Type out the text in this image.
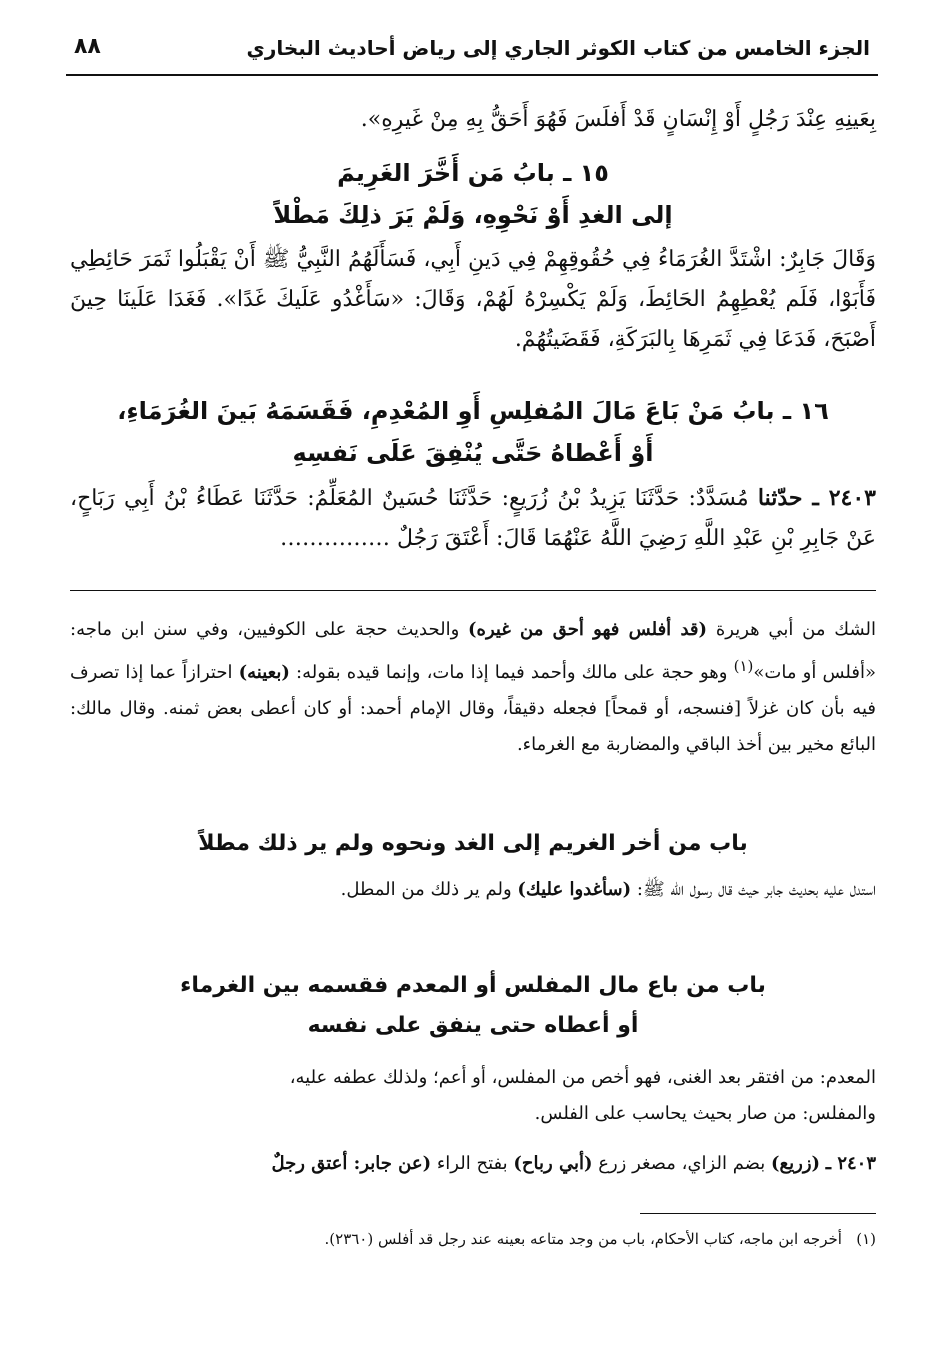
الجزء الخامس من كتاب الكوثر الجاري إلى رياض أحاديث البخاري
٨٨

بِعَينِهِ عِنْدَ رَجُلٍ أَوْ إِنْسَانٍ قَدْ أَفلَسَ فَهُوَ أَحَقُّ بِهِ مِنْ غَيرِهِ».

١٥ ـ بابُ مَن أَخَّرَ الغَرِيمَ
إلى الغدِ أَوْ نَحْوِهِ، وَلَمْ يَرَ ذلِكَ مَطْلاً

وَقَالَ جَابِرٌ: اشْتَدَّ الغُرَمَاءُ فِي حُقُوقِهِمْ فِي دَينِ أَبِي، فَسَأَلَهُمُ النَّبِيُّ ﷺ أَنْ يَقْبَلُوا ثَمَرَ حَائِطِي فَأَبَوْا، فَلَم يُعْطِهِمُ الحَائِطَ، وَلَمْ يَكْسِرْهُ لَهُمْ، وَقَالَ: «سَأَغْدُو عَلَيكَ غَدًا». فَغَدَا عَلَينَا حِينَ أَصْبَحَ، فَدَعَا فِي ثَمَرِهَا بِالبَرَكَةِ، فَقَضَيتُهُمْ.

١٦ ـ بابُ مَنْ بَاعَ مَالَ المُفلِسِ أَوِ المُعْدِمِ، فَقَسَمَهُ بَينَ الغُرَمَاءِ،
أَوْ أَعْطاهُ حَتَّى يُنْفِقَ عَلَى نَفسِهِ

٢٤٠٣ ـ حدّثنا مُسَدَّدٌ: حَدَّثَنَا يَزِيدُ بْنُ زُرَيعٍ: حَدَّثَنَا حُسَينٌ المُعَلِّمُ: حَدَّثَنَا عَطَاءُ بْنُ أَبِي رَبَاحٍ، عَنْ جَابِرِ بْنِ عَبْدِ اللَّهِ رَضِيَ اللَّهُ عَنْهُمَا قَالَ: أَعْتَقَ رَجُلٌ ……………

الشك من أبي هريرة (قد أفلس فهو أحق من غيره) والحديث حجة على الكوفيين، وفي سنن ابن ماجه: «أفلس أو مات»$^{(١)}$ وهو حجة على مالك وأحمد فيما إذا مات، وإنما قيده بقوله: (بعينه) احترازاً عما إذا تصرف فيه بأن كان غزلاً [فنسجه، أو قمحاً] فجعله دقيقاً، وقال الإمام أحمد: أو كان أعطى بعض ثمنه. وقال مالك: البائع مخير بين أخذ الباقي والمضاربة مع الغرماء.

باب من أخر الغريم إلى الغد ونحوه ولم ير ذلك مطلاً

استدل عليه بحديث جابر حيث قال رسول الله ﷺ: (سأغدوا عليك) ولم ير ذلك من المطل.

باب من باع مال المفلس أو المعدم فقسمه بين الغرماء
أو أعطاه حتى ينفق على نفسه
المعدم: من افتقر بعد الغنى، فهو أخص من المفلس، أو أعم؛ ولذلك عطفه عليه،
والمفلس: من صار بحيث يحاسب على الفلس.

٢٤٠٣ ـ (زريع) بضم الزاي، مصغر زرع (أبي رباح) بفتح الراء (عن جابر: أعتق رجلٌ

(١)   أخرجه ابن ماجه، كتاب الأحكام، باب من وجد متاعه بعينه عند رجل قد أفلس (٢٣٦٠).
